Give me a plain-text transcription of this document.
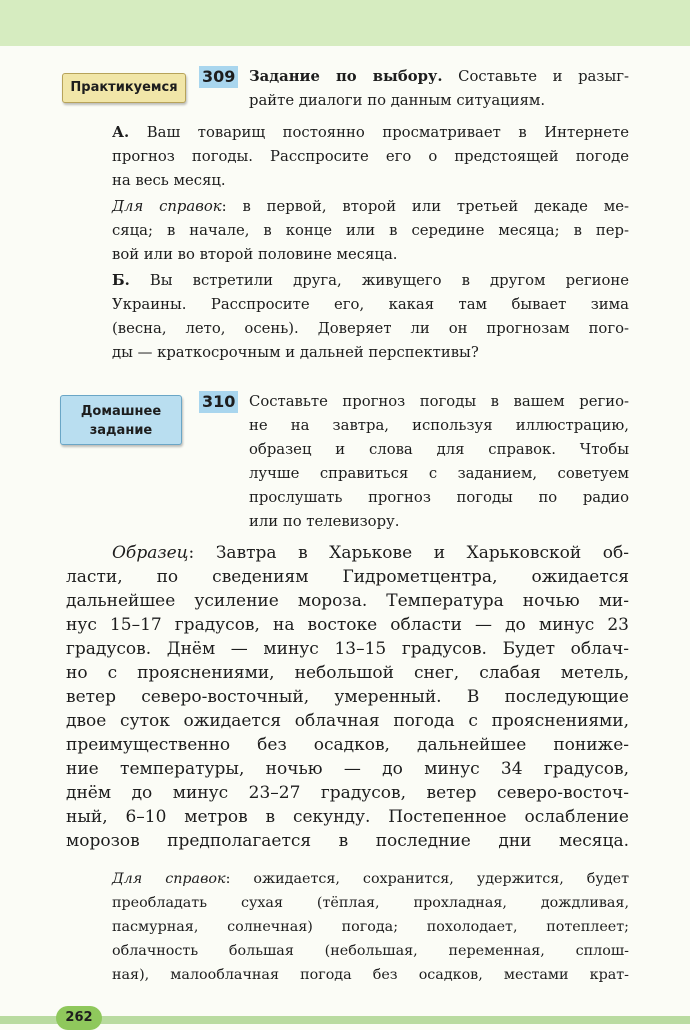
Практикуемся
Домашнее
задание
309 Задание по выбору. Составьте и разыг-
райте диалоги по данным ситуациям.
А. Ваш товарищ постоянно просматривает в Интернете
прогноз погоды. Расспросите его о предстоящей погоде
на весь месяц.
Для справок: в первой, второй или третьей декаде ме-
сяца; в начале, в конце или в середине месяца; в пер-
вой или во второй половине месяца.
Б. Вы встретили друга, живущего в другом регионе
Украины. Расспросите его, какая там бывает зима
(весна, лето, осень). Доверяет ли он прогнозам пого-
ды — краткосрочным и дальней перспективы?
310 Составьте прогноз погоды в вашем регио-
не на завтра, используя иллюстрацию,
образец и слова для справок. Чтобы
лучше справиться с заданием, советуем
прослушать прогноз погоды по радио
или по телевизору.
Образец: Завтра в Харькове и Харьковской об-
ласти, по сведениям Гидрометцентра, ожидается
дальнейшее усиление мороза. Температура ночью ми-
нус 15–17 градусов, на востоке области — до минус 23
градусов. Днём — минус 13–15 градусов. Будет облач-
но с прояснениями, небольшой снег, слабая метель,
ветер северо-восточный, умеренный. В последующие
двое суток ожидается облачная погода с прояснениями,
преимущественно без осадков, дальнейшее пониже-
ние температуры, ночью — до минус 34 градусов,
днём до минус 23–27 градусов, ветер северо-восточ-
ный, 6–10 метров в секунду. Постепенное ослабление
морозов предполагается в последние дни месяца.
Для справок: ожидается, сохранится, удержится, будет
преобладать сухая (тёплая, прохладная, дождливая,
пасмурная, солнечная) погода; похолодает, потеплеет;
облачность большая (небольшая, переменная, сплош-
ная), малооблачная погода без осадков, местами крат-
262
